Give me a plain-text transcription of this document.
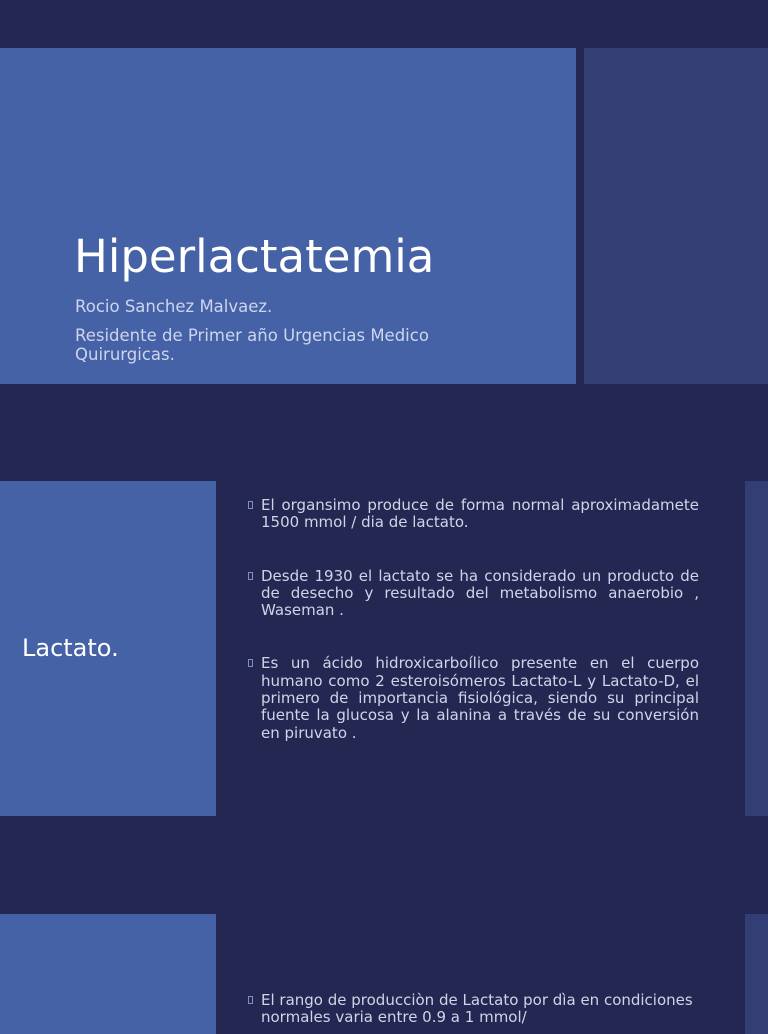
Hiperlactatemia

Rocio Sanchez Malvaez.

Residente de Primer año Urgencias Medico Quirurgicas.

Lactato.
El organsimo produce de forma normal aproximadamete 1500 mmol / dia de lactato.
Desde 1930 el lactato se ha considerado un producto de de desecho y resultado del metabolismo anaerobio , Waseman .
Es un ácido hidroxicarboílico presente en el cuerpo humano como 2 esteroisómeros Lactato-L y Lactato-D, el primero de importancia fisiológica, siendo su principal fuente la glucosa y la alanina a través de su conversión en piruvato .
El rango de producciòn de Lactato por dìa en condiciones normales varia entre 0.9 a 1 mmol/
